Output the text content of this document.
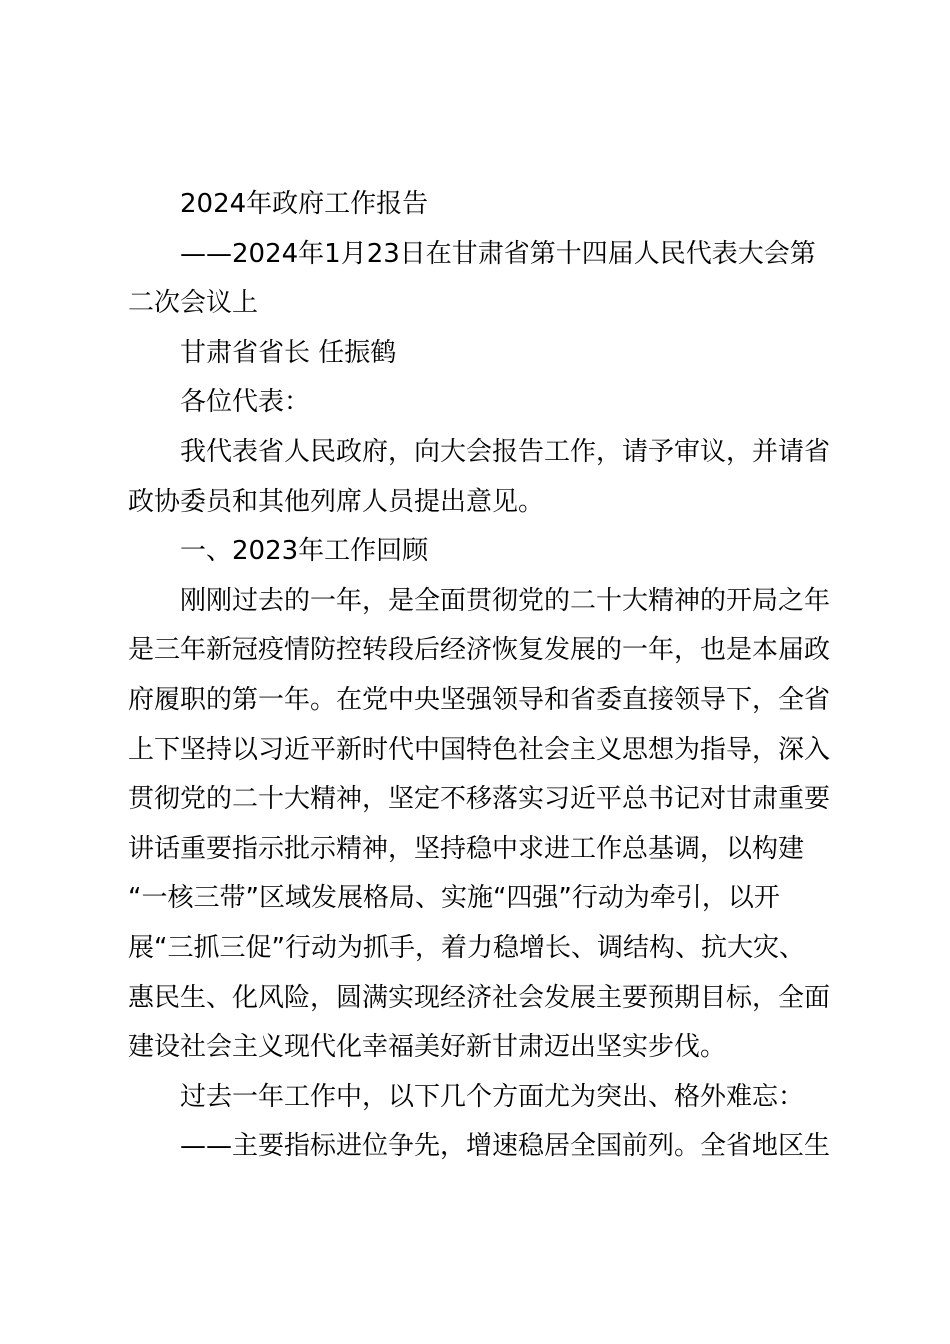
2024年政府工作报告

——2024年1月23日在甘肃省第十四届人民代表大会第

二次会议上

甘肃省省长 任振鹤

各位代表：

我代表省人民政府，向大会报告工作，请予审议，并请省

政协委员和其他列席人员提出意见。

一、2023年工作回顾

刚刚过去的一年，是全面贯彻党的二十大精神的开局之年

是三年新冠疫情防控转段后经济恢复发展的一年，也是本届政

府履职的第一年。在党中央坚强领导和省委直接领导下，全省

上下坚持以习近平新时代中国特色社会主义思想为指导，深入

贯彻党的二十大精神，坚定不移落实习近平总书记对甘肃重要

讲话重要指示批示精神，坚持稳中求进工作总基调，以构建

“一核三带”区域发展格局、实施“四强”行动为牵引，以开

展“三抓三促”行动为抓手，着力稳增长、调结构、抗大灾、

惠民生、化风险，圆满实现经济社会发展主要预期目标，全面

建设社会主义现代化幸福美好新甘肃迈出坚实步伐。

过去一年工作中，以下几个方面尤为突出、格外难忘：

——主要指标进位争先，增速稳居全国前列。全省地区生
